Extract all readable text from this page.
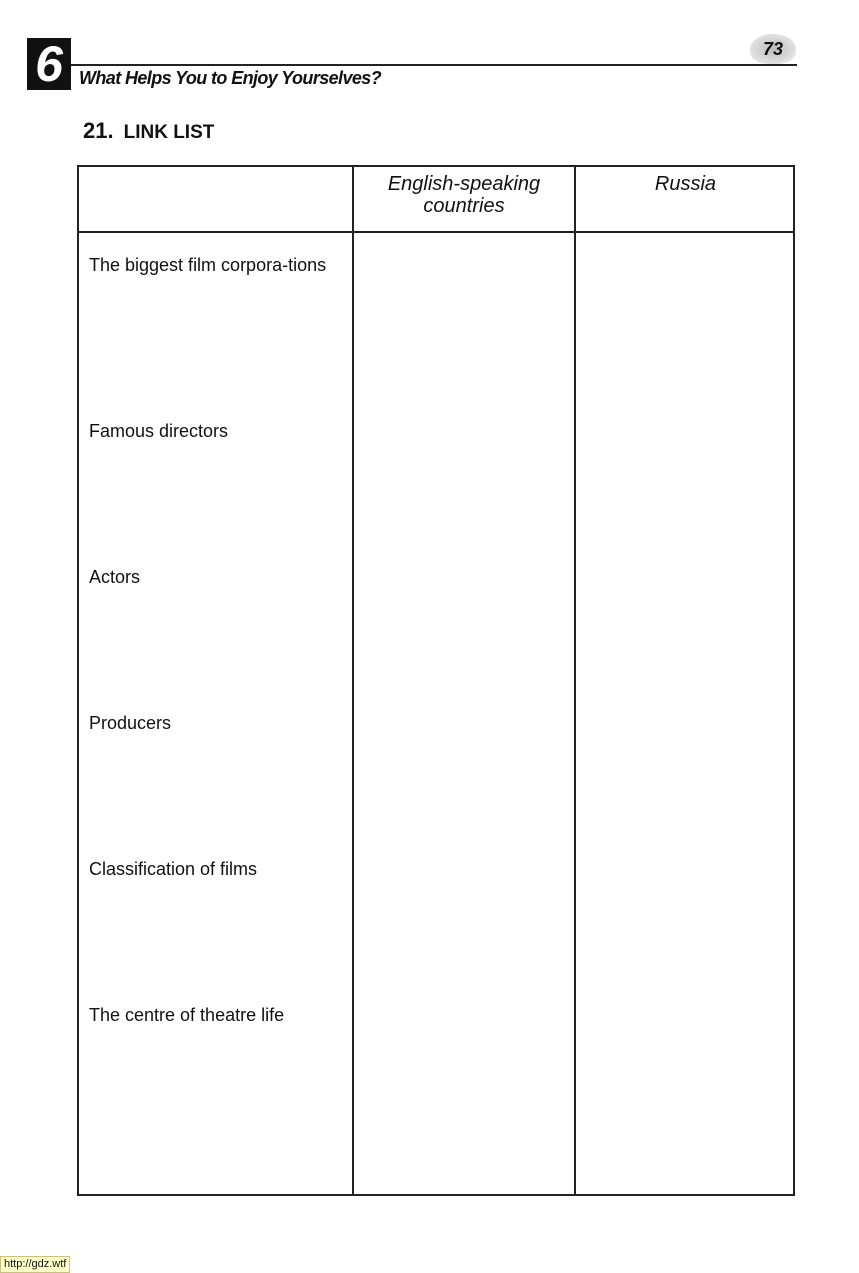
6 What Helps You to Enjoy Yourselves?
73
21. LINK LIST
English-speaking countries
Russia
The biggest film corpora-tions
Famous directors
Actors
Producers
Classification of films
The centre of theatre life
http://gdz.wtf
